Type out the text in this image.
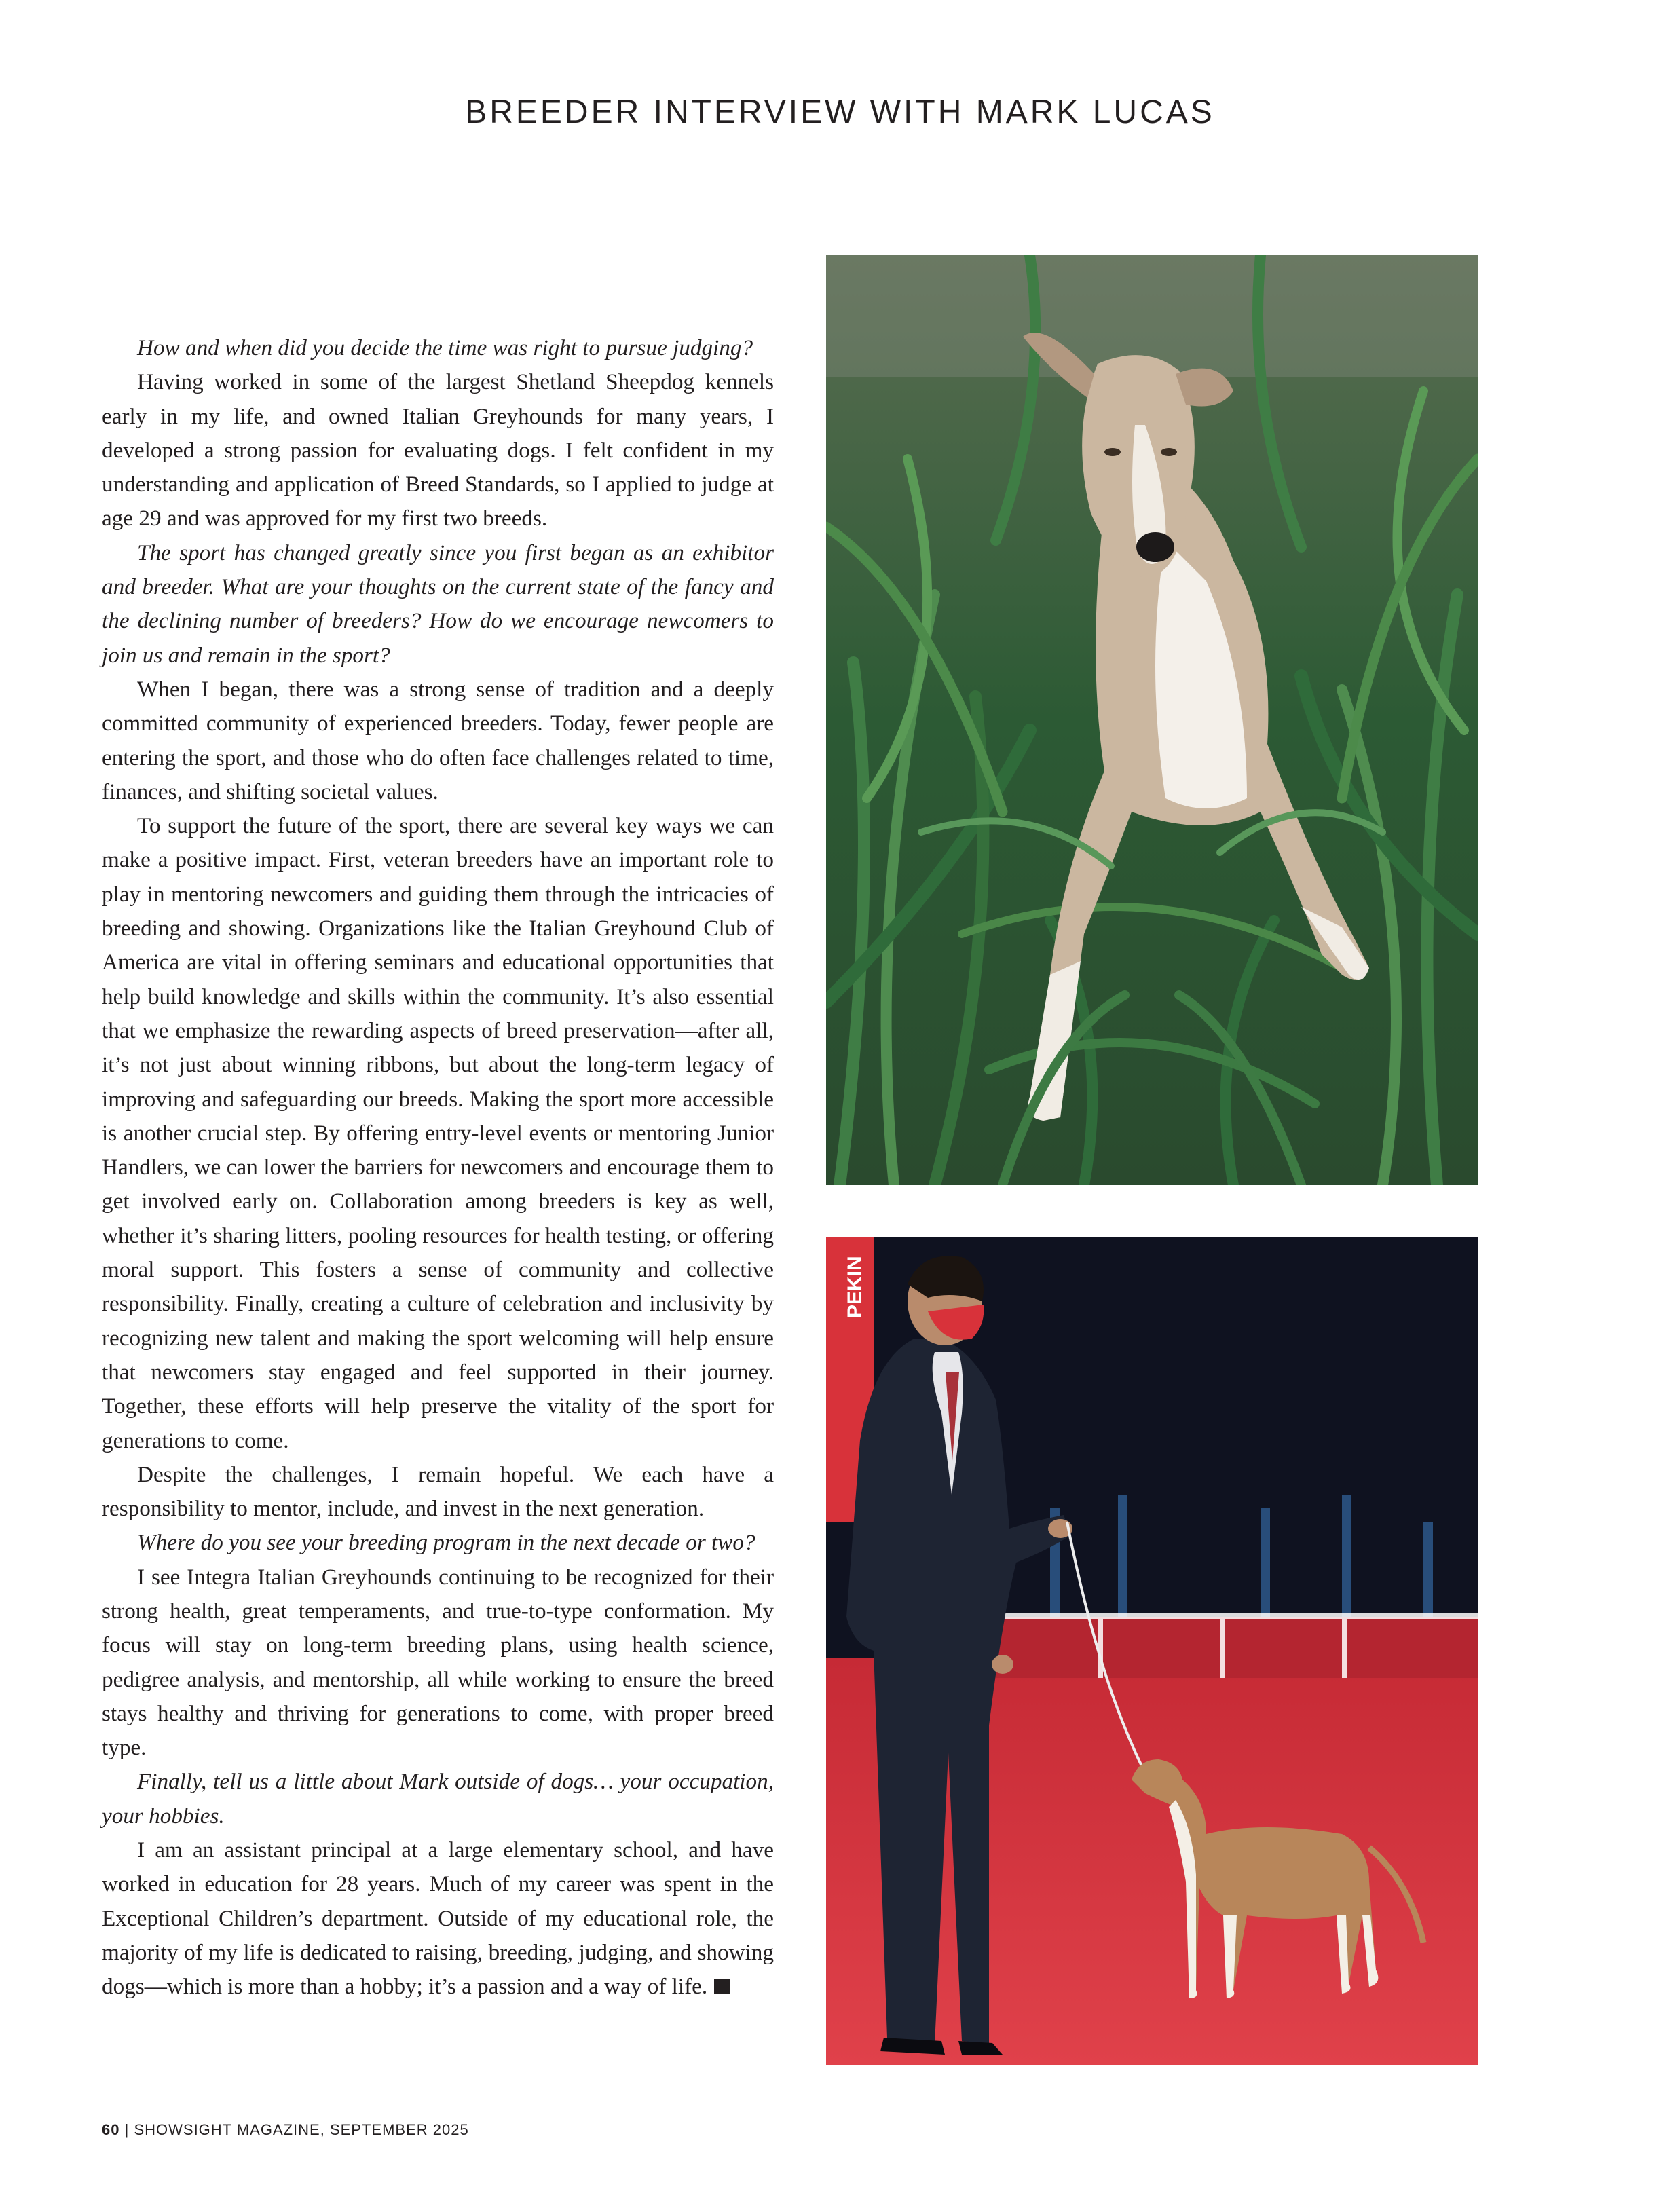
BREEDER INTERVIEW WITH MARK LUCAS

How and when did you decide the time was right to pursue judging?

Having worked in some of the largest Shetland Sheepdog kennels early in my life, and owned Italian Greyhounds for many years, I developed a strong passion for evaluating dogs. I felt confident in my understanding and application of Breed Standards, so I applied to judge at age 29 and was approved for my first two breeds.

The sport has changed greatly since you first began as an exhibitor and breeder. What are your thoughts on the current state of the fancy and the declining number of breeders? How do we encourage newcomers to join us and remain in the sport?

When I began, there was a strong sense of tradition and a deeply committed community of experienced breeders. Today, fewer people are entering the sport, and those who do often face challenges related to time, finances, and shifting societal values.

To support the future of the sport, there are several key ways we can make a positive impact. First, veteran breeders have an important role to play in mentoring newcomers and guiding them through the intricacies of breeding and showing. Organizations like the Italian Greyhound Club of America are vital in offering seminars and educational opportunities that help build knowledge and skills within the community. It’s also essential that we emphasize the rewarding aspects of breed preservation—after all, it’s not just about winning ribbons, but about the long-term legacy of improving and safeguarding our breeds. Making the sport more accessible is another crucial step. By offering entry-level events or mentoring Junior Handlers, we can lower the barriers for newcomers and encourage them to get involved early on. Collaboration among breeders is key as well, whether it’s sharing litters, pooling resources for health testing, or offering moral support. This fosters a sense of community and collective responsibility. Finally, creating a culture of celebration and inclusivity by recognizing new talent and making the sport welcoming will help ensure that newcomers stay engaged and feel supported in their journey. Together, these efforts will help preserve the vitality of the sport for generations to come.

Despite the challenges, I remain hopeful. We each have a responsibility to mentor, include, and invest in the next generation.

Where do you see your breeding program in the next decade or two?

I see Integra Italian Greyhounds continuing to be recognized for their strong health, great temperaments, and true-to-type conformation. My focus will stay on long-term breeding plans, using health science, pedigree analysis, and mentorship, all while working to ensure the breed stays healthy and thriving for generations to come, with proper breed type.

Finally, tell us a little about Mark outside of dogs… your occupation, your hobbies.

I am an assistant principal at a large elementary school, and have worked in education for 28 years. Much of my career was spent in the Exceptional Children’s department. Outside of my educational role, the majority of my life is dedicated to raising, breeding, judging, and showing dogs—which is more than a hobby; it’s a passion and a way of life.

PEKIN
60 | SHOWSIGHT MAGAZINE, SEPTEMBER 2025
